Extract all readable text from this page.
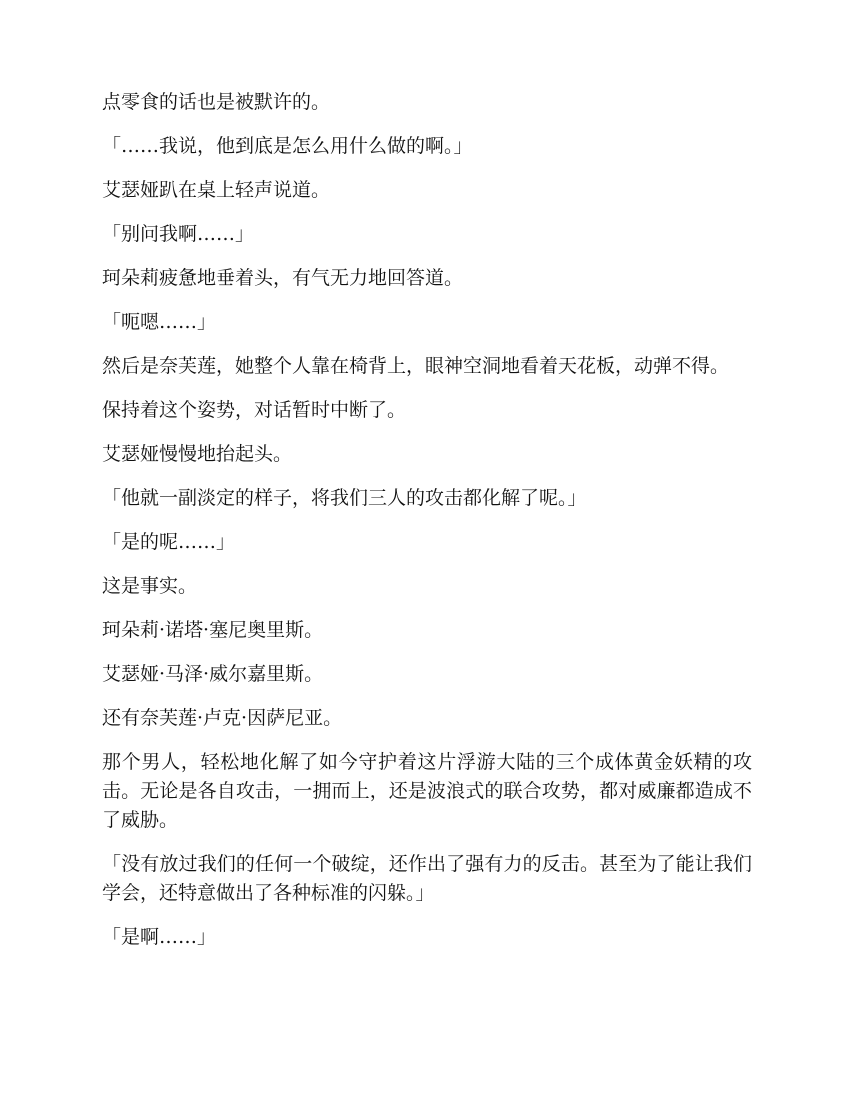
点零食的话也是被默许的。

「……我说，他到底是怎么用什么做的啊。」

艾瑟娅趴在桌上轻声说道。

「别问我啊……」

珂朵莉疲惫地垂着头，有气无力地回答道。

「呃嗯……」

然后是奈芙莲，她整个人靠在椅背上，眼神空洞地看着天花板，动弹不得。

保持着这个姿势，对话暂时中断了。

艾瑟娅慢慢地抬起头。

「他就一副淡定的样子，将我们三人的攻击都化解了呢。」

「是的呢……」

这是事实。

珂朵莉·诺塔·塞尼奥里斯。

艾瑟娅·马泽·威尔嘉里斯。

还有奈芙莲·卢克·因萨尼亚。

那个男人，轻松地化解了如今守护着这片浮游大陆的三个成体黄金妖精的攻击。无论是各自攻击，一拥而上，还是波浪式的联合攻势，都对威廉都造成不了威胁。

「没有放过我们的任何一个破绽，还作出了强有力的反击。甚至为了能让我们学会，还特意做出了各种标准的闪躲。」

「是啊……」
